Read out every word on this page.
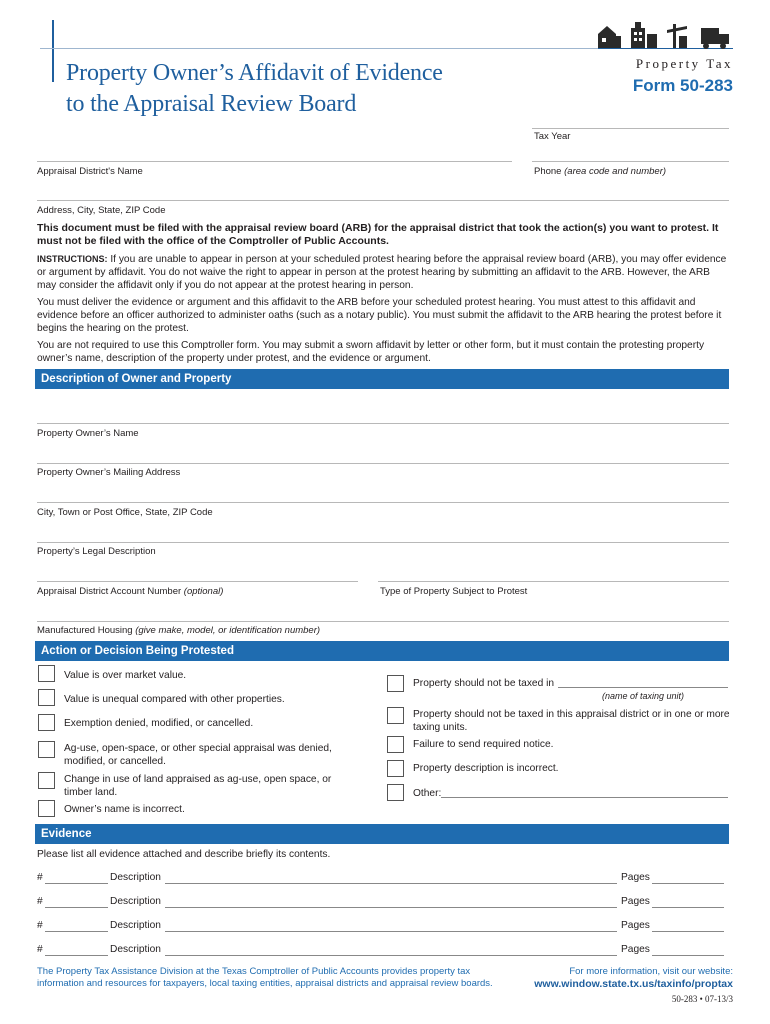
Property Owner’s Affidavit of Evidence
to the Appraisal Review Board
Property Tax
Form 50-283
Tax Year
Appraisal District's Name	Phone (area code and number)
Address, City, State, ZIP Code
This document must be filed with the appraisal review board (ARB) for the appraisal district that took the action(s) you want to protest. It must not be filed with the office of the Comptroller of Public Accounts.
INSTRUCTIONS: If you are unable to appear in person at your scheduled protest hearing before the appraisal review board (ARB), you may offer evidence or argument by affidavit. You do not waive the right to appear in person at the protest hearing by submitting an affidavit to the ARB. However, the ARB may consider the affidavit only if you do not appear at the protest hearing in person.
You must deliver the evidence or argument and this affidavit to the ARB before your scheduled protest hearing. You must attest to this affidavit and evidence before an officer authorized to administer oaths (such as a notary public). You must submit the affidavit to the ARB hearing the protest before it begins the hearing on the protest.
You are not required to use this Comptroller form. You may submit a sworn affidavit by letter or other form, but it must contain the protesting property owner’s name, description of the property under protest, and the evidence or argument.
Description of Owner and Property
Property Owner’s Name
Property Owner’s Mailing Address
City, Town or Post Office, State, ZIP Code
Property’s Legal Description
Appraisal District Account Number (optional)	Type of Property Subject to Protest
Manufactured Housing (give make, model, or identification number)
Action or Decision Being Protested
Value is over market value.
Value is unequal compared with other properties.
Exemption denied, modified, or cancelled.
Ag-use, open-space, or other special appraisal was denied, modified, or cancelled.
Change in use of land appraised as ag-use, open space, or timber land.
Owner’s name is incorrect.
Property should not be taxed in
(name of taxing unit)
Property should not be taxed in this appraisal district or in one or more taxing units.
Failure to send required notice.
Property description is incorrect.
Other:
Evidence
Please list all evidence attached and describe briefly its contents.
#	Description	Pages
#	Description	Pages
#	Description	Pages
#	Description	Pages
The Property Tax Assistance Division at the Texas Comptroller of Public Accounts provides property tax
information and resources for taxpayers, local taxing entities, appraisal districts and appraisal review boards.
For more information, visit our website:
www.window.state.tx.us/taxinfo/proptax
50-283 • 07-13/3
